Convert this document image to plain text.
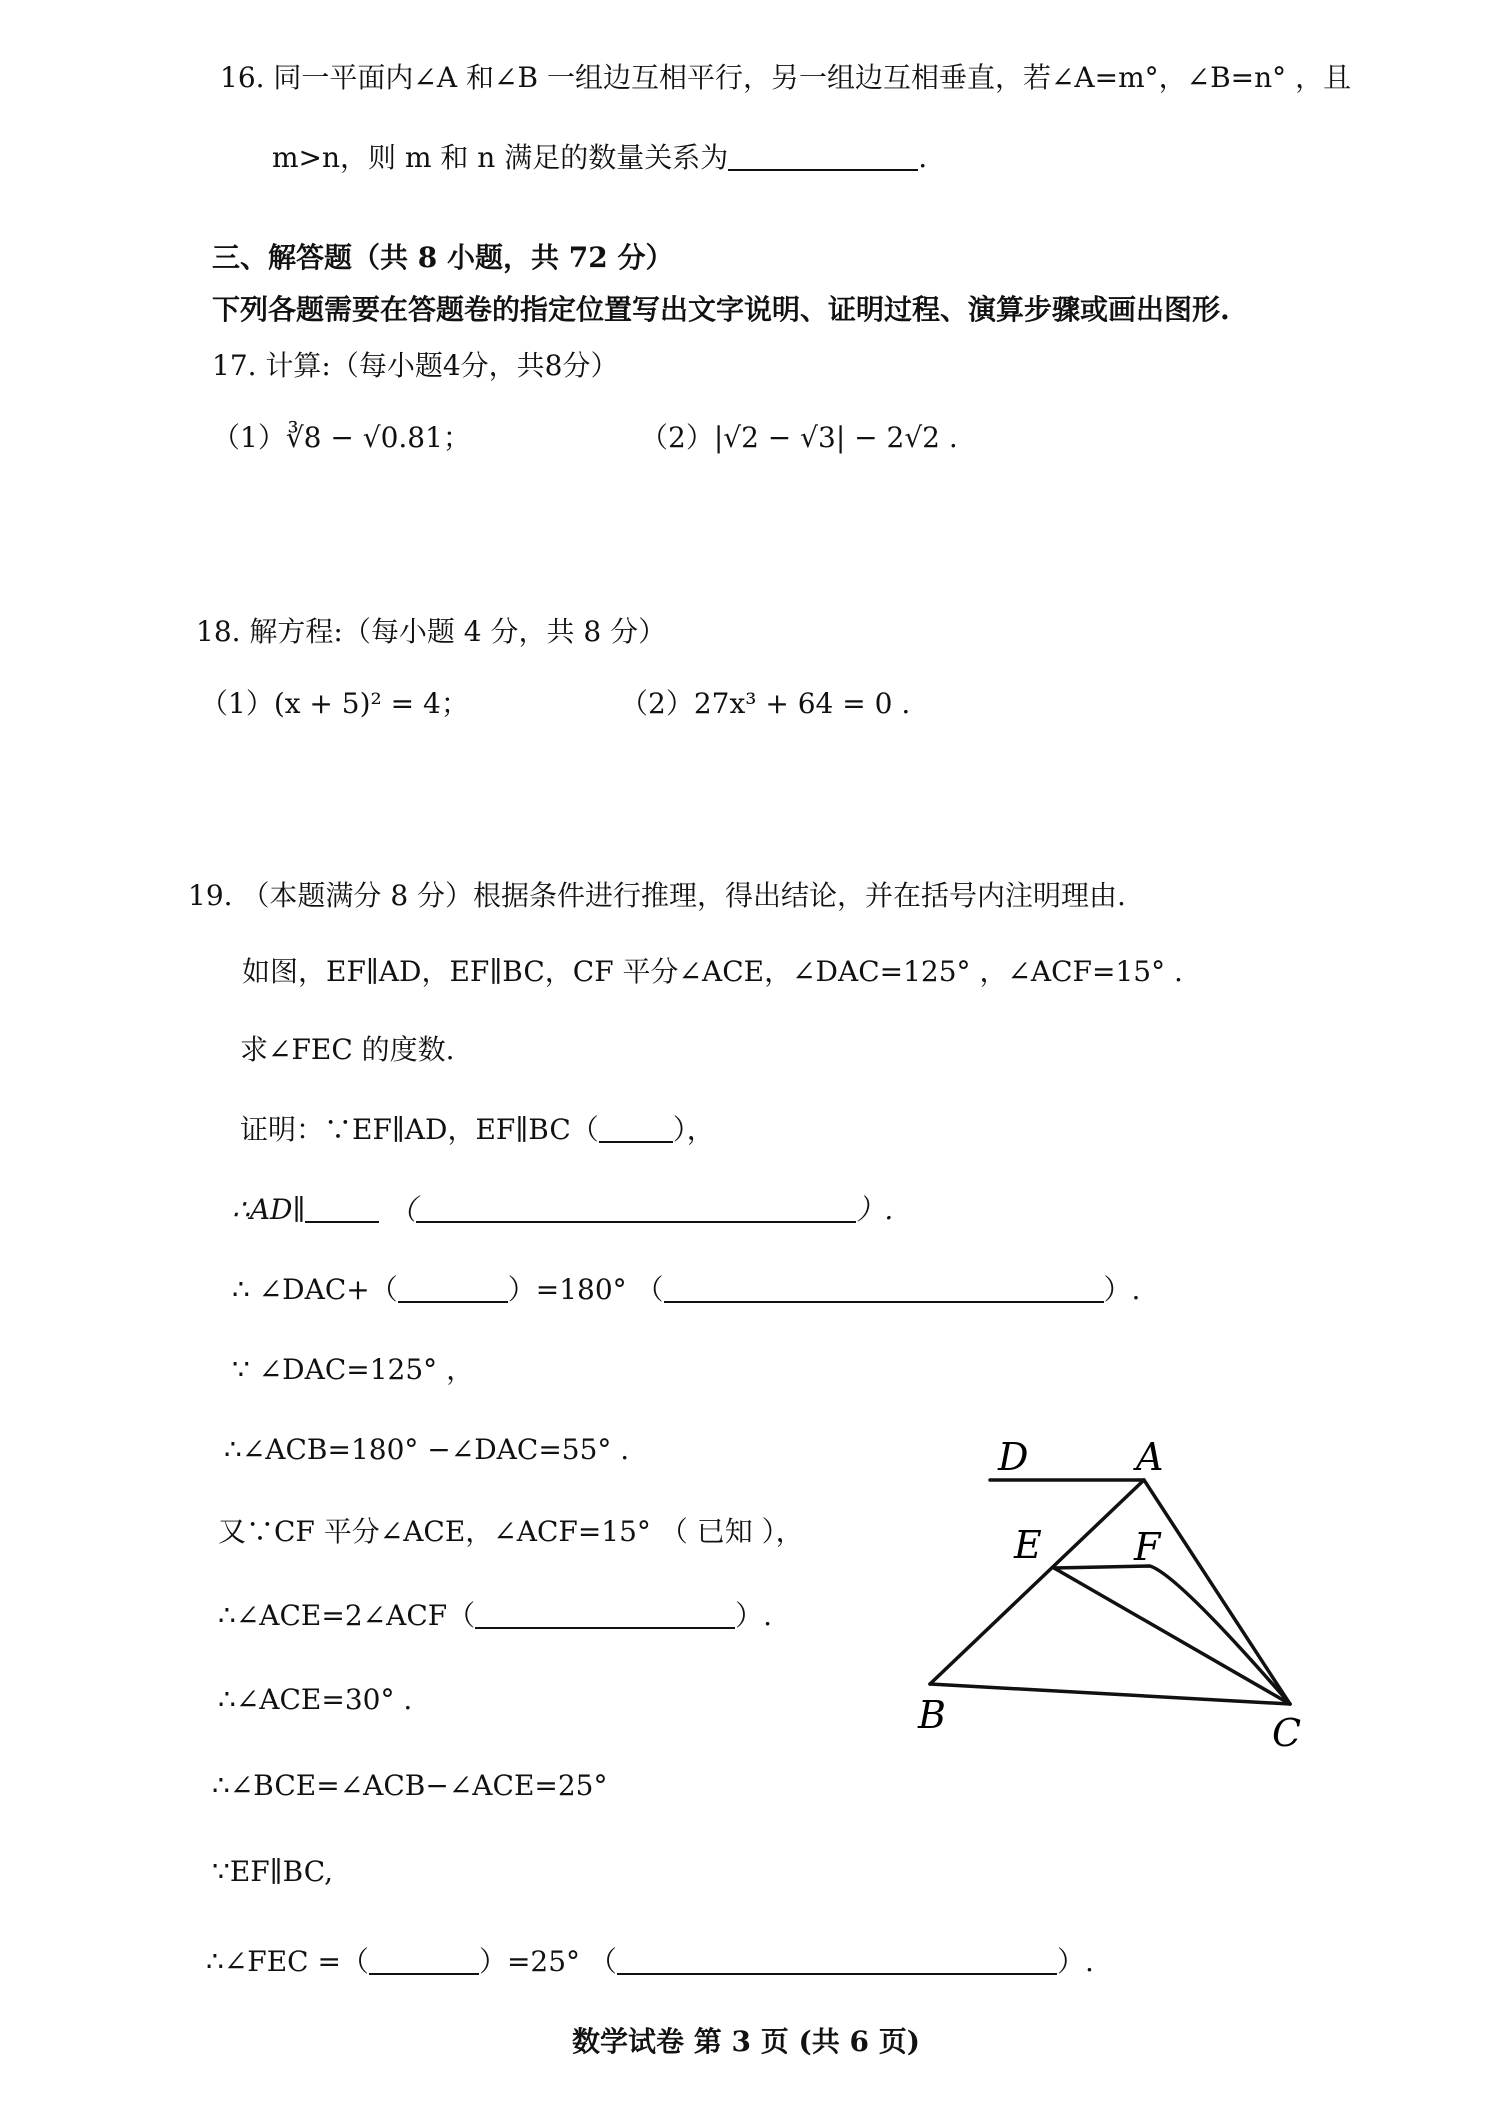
16. 同一平面内∠A 和∠B 一组边互相平行，另一组边互相垂直，若∠A=m°，∠B=n° ，且
m>n，则 m 和 n 满足的数量关系为	.
三、解答题（共 8 小题，共 72 分）
下列各题需要在答题卷的指定位置写出文字说明、证明过程、演算步骤或画出图形.
17. 计算:（每小题4分，共8分）
（1）∛8 − √0.81；	（2）|√2 − √3| − 2√2 .
18. 解方程:（每小题 4 分，共 8 分）
（1）(x + 5)² = 4；	（2）27x³ + 64 = 0 .
19. （本题满分 8 分）根据条件进行推理，得出结论，并在括号内注明理由.
如图，EF∥AD，EF∥BC，CF 平分∠ACE，∠DAC=125° ，∠ACF=15° .
求∠FEC 的度数.
证明：∵EF∥AD，EF∥BC（	），
∴AD∥	（	）.
∴ ∠DAC+（	）=180° （	）.
∵ ∠DAC=125° ，
∴∠ACB=180° −∠DAC=55° .
又∵CF 平分∠ACE，∠ACF=15° （ 已知 ），
∴∠ACE=2∠ACF（	）.
∴∠ACE=30° .
∴∠BCE=∠ACB−∠ACE=25°
∵EF∥BC,
∴∠FEC =（	）=25° （	）.
D	A
E F
B	C
数学试卷 第 3 页 (共 6 页)
